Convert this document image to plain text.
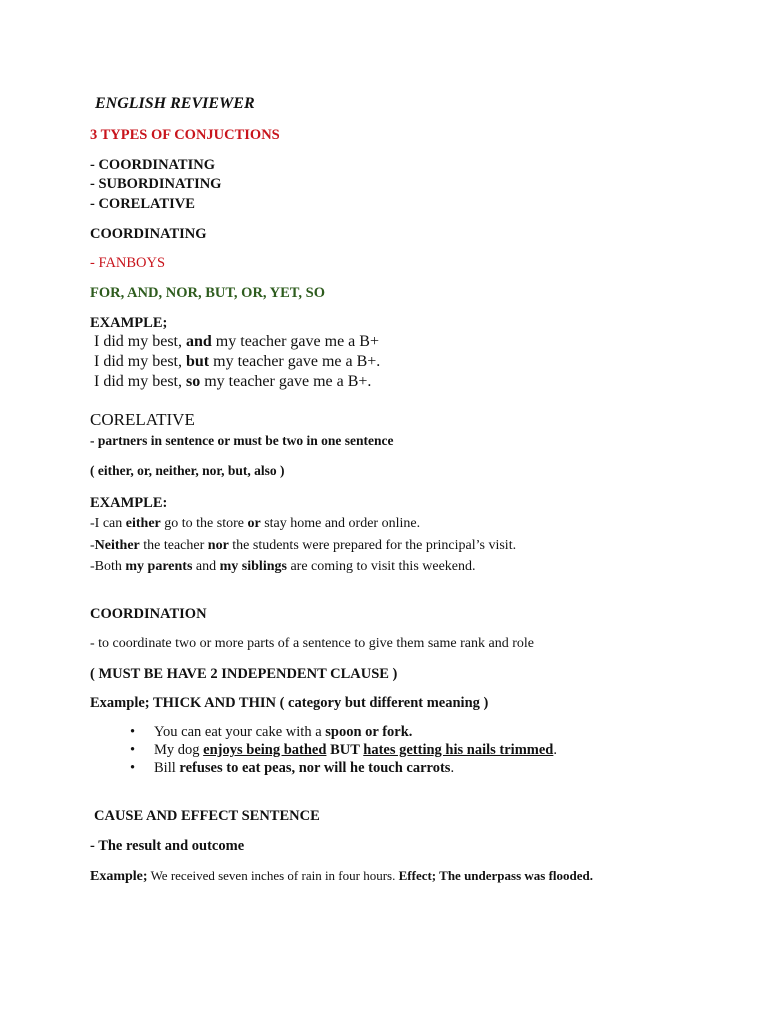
ENGLISH REVIEWER
3 TYPES OF CONJUCTIONS
- COORDINATING
- SUBORDINATING
- CORELATIVE
COORDINATING
- FANBOYS
FOR, AND, NOR, BUT, OR, YET, SO
EXAMPLE;
I did my best, and my teacher gave me a B+
I did my best, but my teacher gave me a B+.
I did my best, so my teacher gave me a B+.
CORELATIVE
- partners in sentence or must be two in one sentence
( either, or, neither, nor, but, also )
EXAMPLE:
-I can either go to the store or stay home and order online.
-Neither the teacher nor the students were prepared for the principal’s visit.
-Both my parents and my siblings are coming to visit this weekend.
COORDINATION
- to coordinate two or more parts of a sentence to give them same rank and role
( MUST BE HAVE 2 INDEPENDENT CLAUSE )
Example; THICK AND THIN ( category but different meaning )
• You can eat your cake with a spoon or fork.
• My dog enjoys being bathed BUT hates getting his nails trimmed.
• Bill refuses to eat peas, nor will he touch carrots.
CAUSE AND EFFECT SENTENCE
- The result and outcome
Example; We received seven inches of rain in four hours. Effect; The underpass was flooded.
